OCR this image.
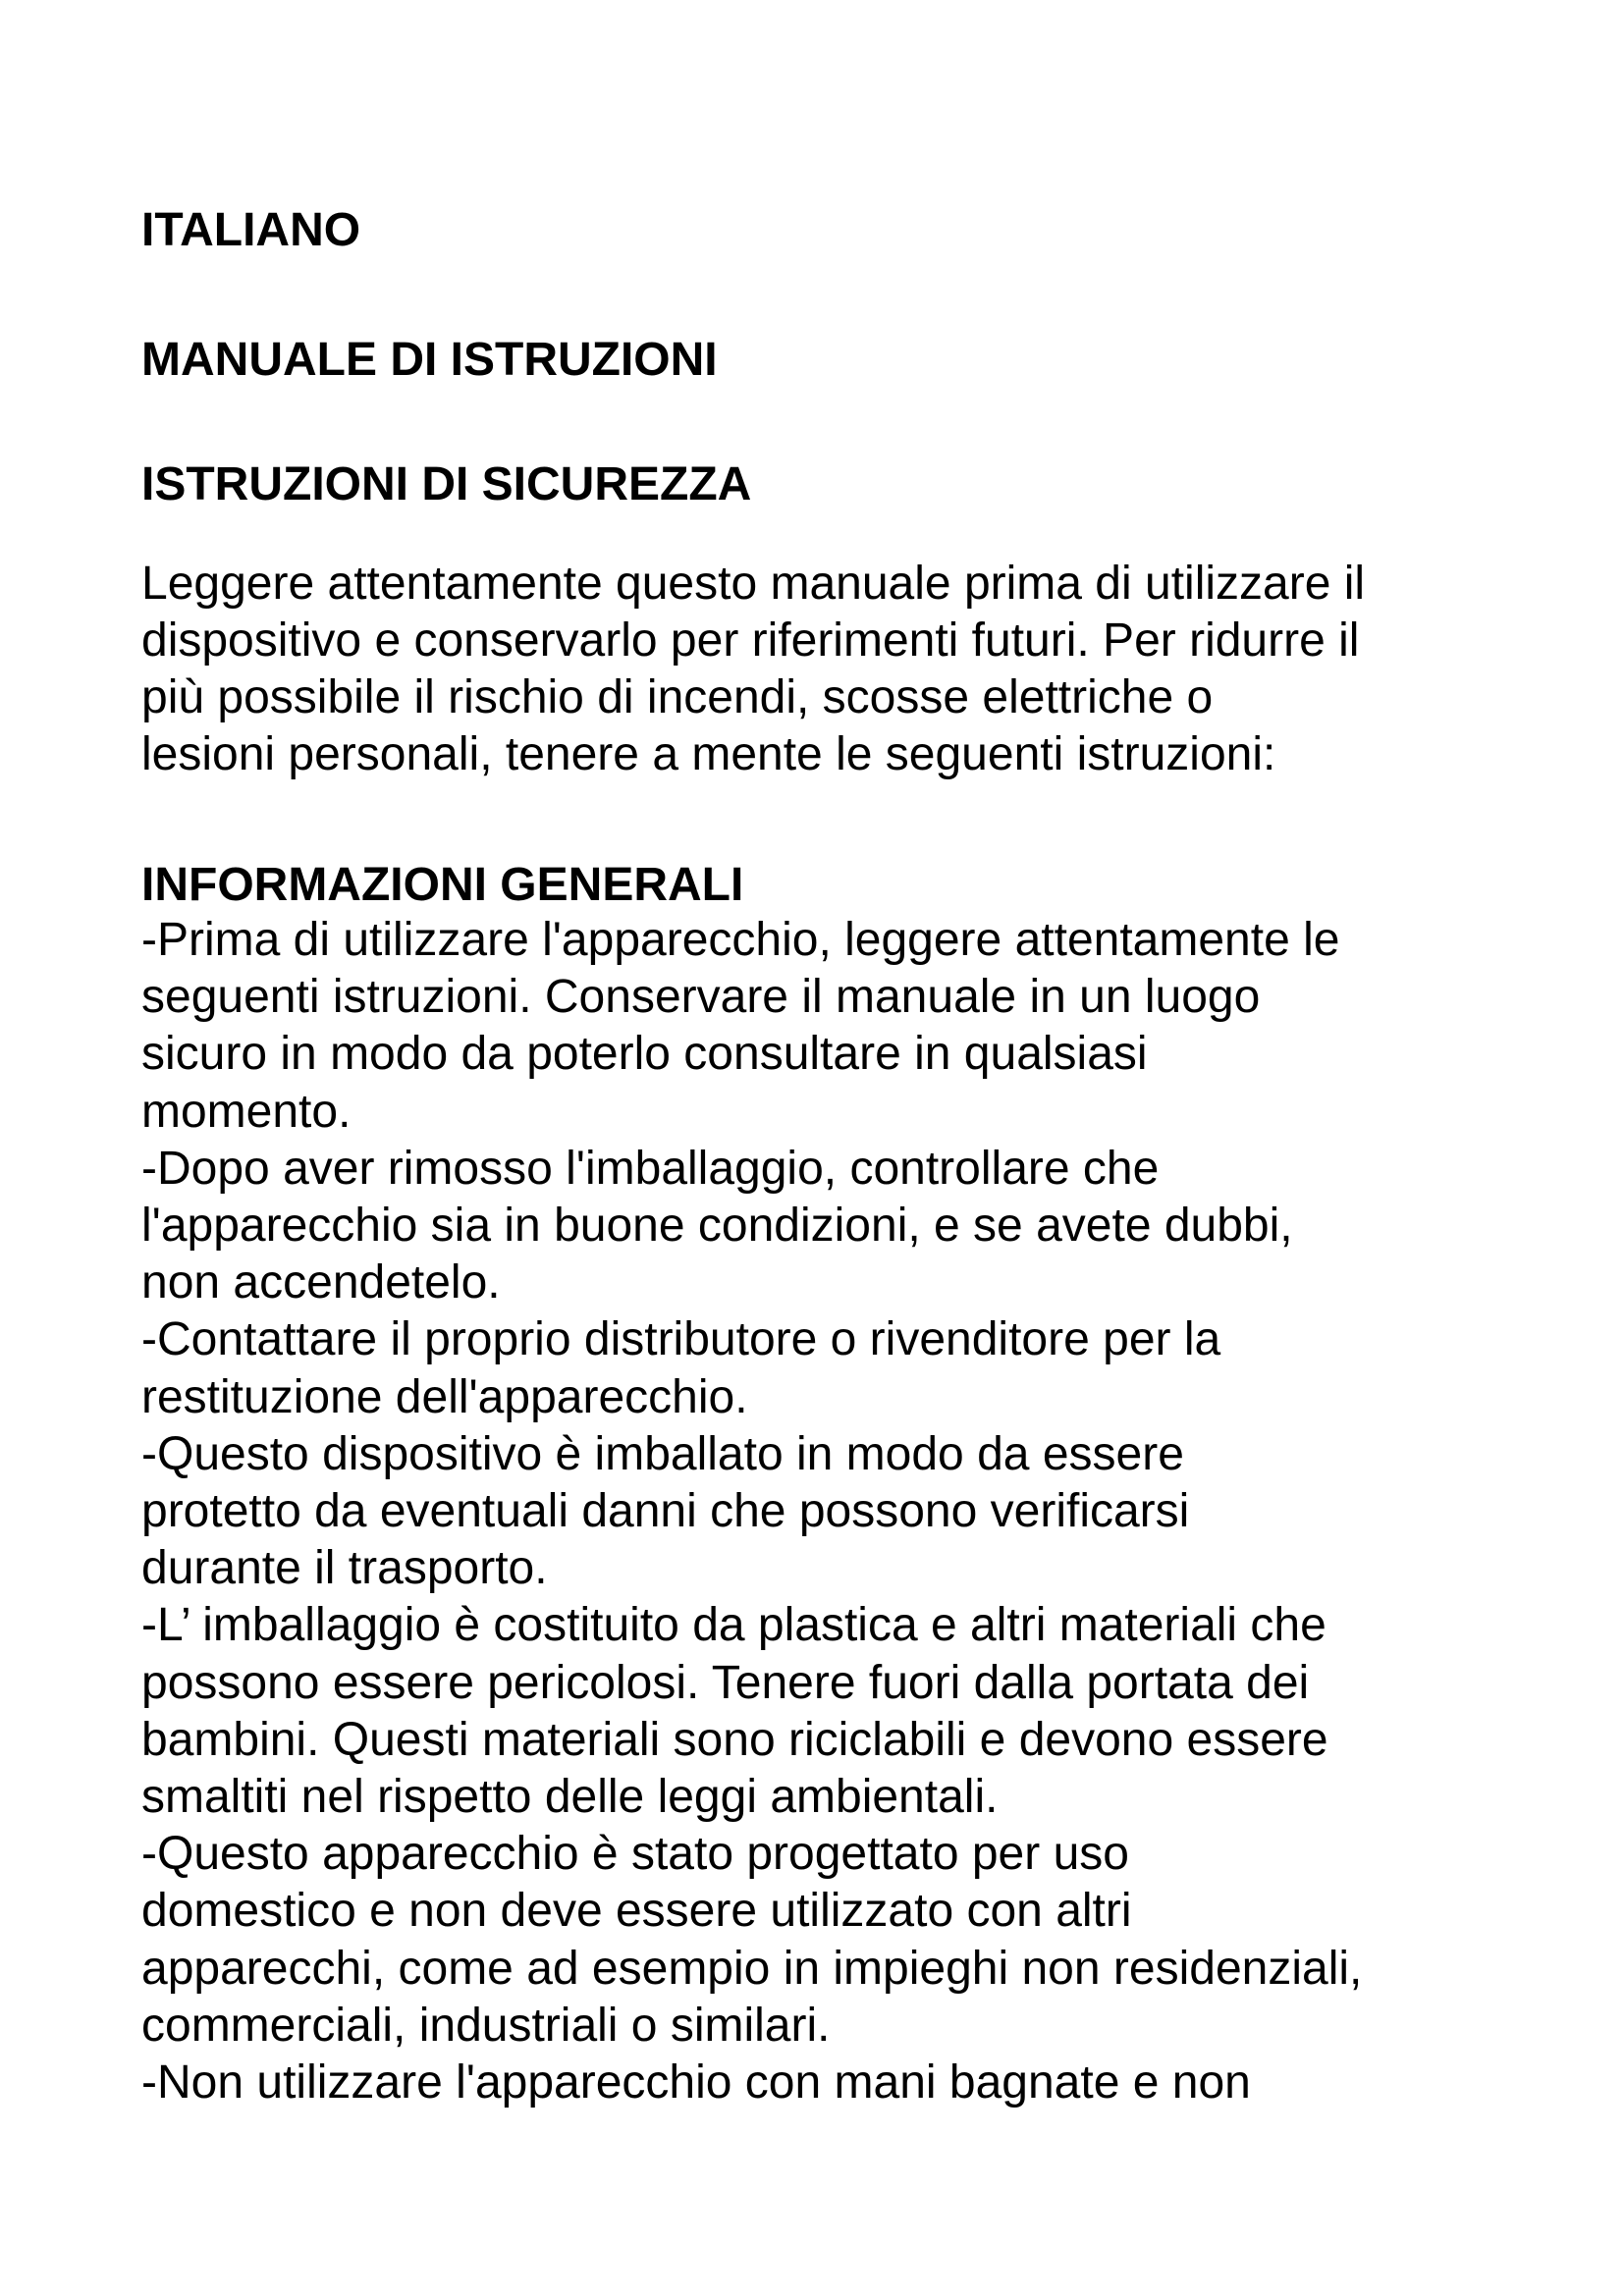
ITALIANO
MANUALE DI ISTRUZIONI
ISTRUZIONI DI SICUREZZA

Leggere attentamente questo manuale prima di utilizzare il
dispositivo e conservarlo per riferimenti futuri. Per ridurre il
più possibile il rischio di incendi, scosse elettriche o
lesioni personali, tenere a mente le seguenti istruzioni:

INFORMAZIONI GENERALI

-Prima di utilizzare l'apparecchio, leggere attentamente le
seguenti istruzioni. Conservare il manuale in un luogo
sicuro in modo da poterlo consultare in qualsiasi
momento.
-Dopo aver rimosso l'imballaggio, controllare che
l'apparecchio sia in buone condizioni, e se avete dubbi,
non accendetelo.
-Contattare il proprio distributore o rivenditore per la
restituzione dell'apparecchio.
-Questo dispositivo è imballato in modo da essere
protetto da eventuali danni che possono verificarsi
durante il trasporto.
-L’ imballaggio è costituito da plastica e altri materiali che
possono essere pericolosi. Tenere fuori dalla portata dei
bambini. Questi materiali sono riciclabili e devono essere
smaltiti nel rispetto delle leggi ambientali.
-Questo apparecchio è stato progettato per uso
domestico e non deve essere utilizzato con altri
apparecchi, come ad esempio in impieghi non residenziali,
commerciali, industriali o similari.
-Non utilizzare l'apparecchio con mani bagnate e non
